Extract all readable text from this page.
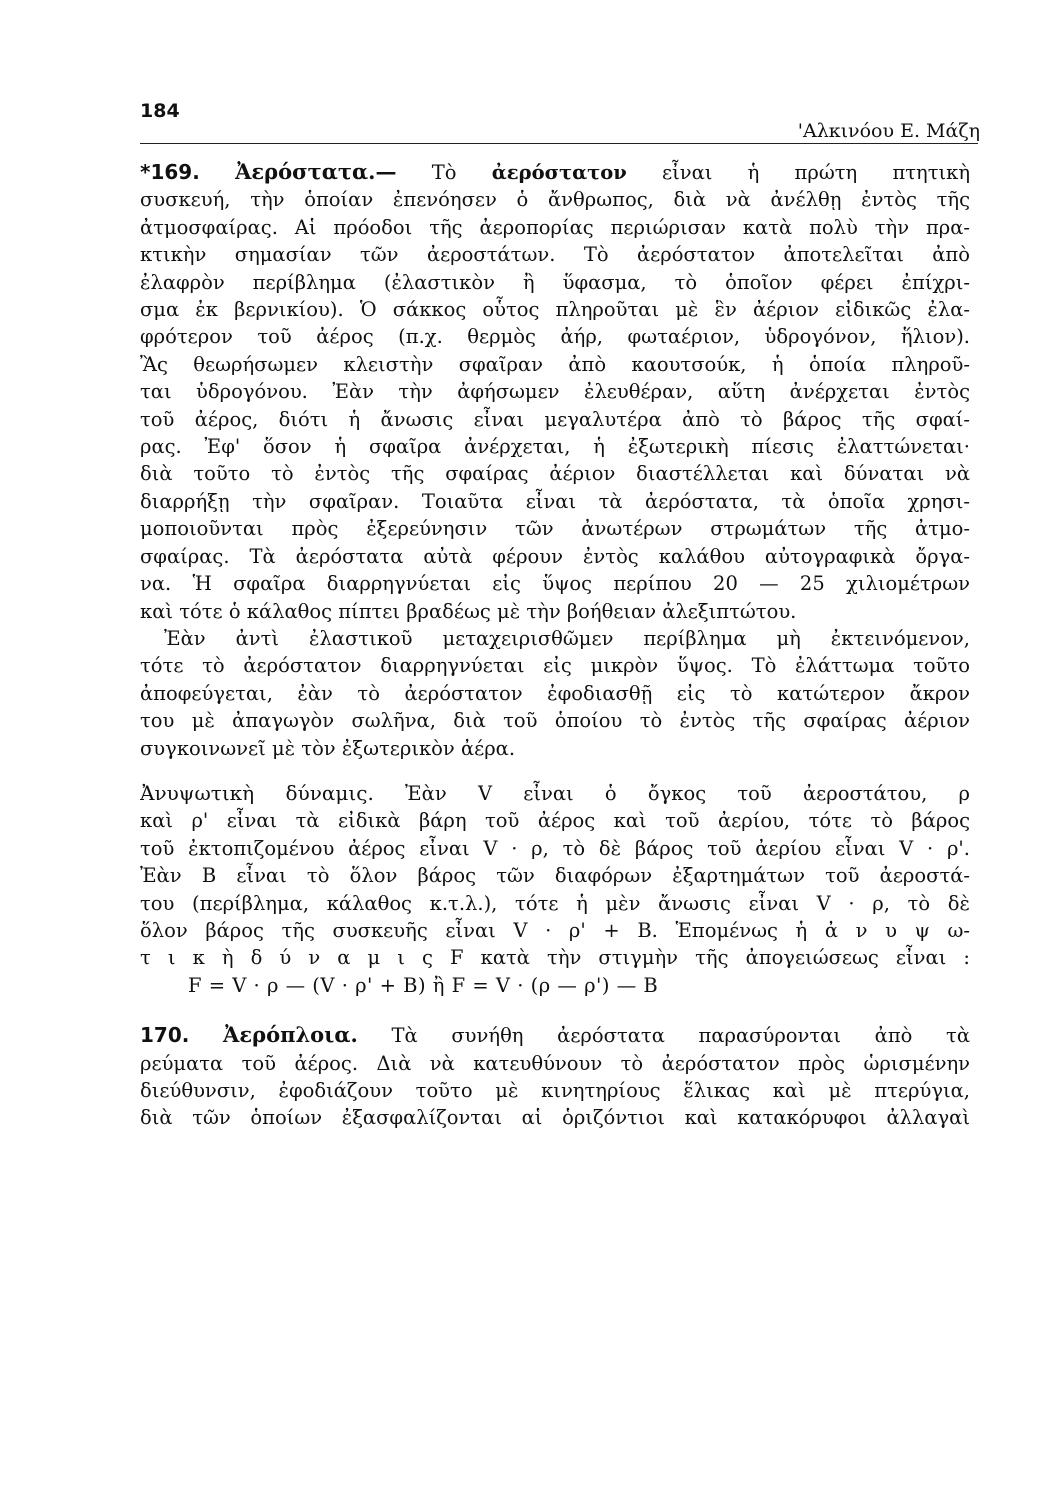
184
'Αλκινόου Ε. Μάζη
*169. Ἀερόστατα.— Τὸ ἀερόστατον εἶναι ἡ πρώτη πτητικὴ
συσκευή, τὴν ὁποίαν ἐπενόησεν ὁ ἄνθρωπος, διὰ νὰ ἀνέλθῃ ἐντὸς τῆς
ἀτμοσφαίρας. Αἱ πρόοδοι τῆς ἀεροπορίας περιώρισαν κατὰ πολὺ τὴν πρα-
κτικὴν σημασίαν τῶν ἀεροστάτων. Τὸ ἀερόστατον ἀποτελεῖται ἀπὸ
ἐλαφρὸν περίβλημα (ἐλαστικὸν ἢ ὕφασμα, τὸ ὁποῖον φέρει ἐπίχρι-
σμα ἐκ βερνικίου). Ὁ σάκκος οὗτος πληροῦται μὲ ἓν ἀέριον εἰδικῶς ἐλα-
φρότερον τοῦ ἀέρος (π.χ. θερμὸς ἀήρ, φωταέριον, ὑδρογόνον, ἥλιον).
Ἂς θεωρήσωμεν κλειστὴν σφαῖραν ἀπὸ καουτσούκ, ἡ ὁποία πληροῦ-
ται ὑδρογόνου. Ἐὰν τὴν ἀφήσωμεν ἐλευθέραν, αὕτη ἀνέρχεται ἐντὸς
τοῦ ἀέρος, διότι ἡ ἄνωσις εἶναι μεγαλυτέρα ἀπὸ τὸ βάρος τῆς σφαί-
ρας. Ἐφ' ὅσον ἡ σφαῖρα ἀνέρχεται, ἡ ἐξωτερικὴ πίεσις ἐλαττώνεται·
διὰ τοῦτο τὸ ἐντὸς τῆς σφαίρας ἀέριον διαστέλλεται καὶ δύναται νὰ
διαρρήξῃ τὴν σφαῖραν. Τοιαῦτα εἶναι τὰ ἀερόστατα, τὰ ὁποῖα χρησι-
μοποιοῦνται πρὸς ἐξερεύνησιν τῶν ἀνωτέρων στρωμάτων τῆς ἀτμο-
σφαίρας. Τὰ ἀερόστατα αὐτὰ φέρουν ἐντὸς καλάθου αὐτογραφικὰ ὄργα-
να. Ἡ σφαῖρα διαρρηγνύεται εἰς ὕψος περίπου 20 — 25 χιλιομέτρων
καὶ τότε ὁ κάλαθος πίπτει βραδέως μὲ τὴν βοήθειαν ἀλεξιπτώτου.
Ἐὰν ἀντὶ ἐλαστικοῦ μεταχειρισθῶμεν περίβλημα μὴ ἐκτεινόμενον,
τότε τὸ ἀερόστατον διαρρηγνύεται εἰς μικρὸν ὕψος. Τὸ ἐλάττωμα τοῦτο
ἀποφεύγεται, ἐὰν τὸ ἀερόστατον ἐφοδιασθῇ εἰς τὸ κατώτερον ἄκρον
του μὲ ἀπαγωγὸν σωλῆνα, διὰ τοῦ ὁποίου τὸ ἐντὸς τῆς σφαίρας ἀέριον
συγκοινωνεῖ μὲ τὸν ἐξωτερικὸν ἀέρα.
Ἀνυψωτικὴ δύναμις. Ἐὰν V εἶναι ὁ ὄγκος τοῦ ἀεροστάτου, ρ
καὶ ρ' εἶναι τὰ εἰδικὰ βάρη τοῦ ἀέρος καὶ τοῦ ἀερίου, τότε τὸ βάρος
τοῦ ἐκτοπιζομένου ἀέρος εἶναι V · ρ, τὸ δὲ βάρος τοῦ ἀερίου εἶναι V · ρ'.
Ἐὰν B εἶναι τὸ ὅλον βάρος τῶν διαφόρων ἐξαρτημάτων τοῦ ἀεροστά-
του (περίβλημα, κάλαθος κ.τ.λ.), τότε ἡ μὲν ἄνωσις εἶναι V · ρ, τὸ δὲ
ὅλον βάρος τῆς συσκευῆς εἶναι V · ρ' + B. Ἑπομένως ἡ ἀ ν υ ψ ω-
τ ι κ ὴ δ ύ ν α μ ι ς F κατὰ τὴν στιγμὴν τῆς ἀπογειώσεως εἶναι :
F = V · ρ — (V · ρ' + B) ἢ F = V · (ρ — ρ') — B
170. Ἀερόπλοια. Τὰ συνήθη ἀερόστατα παρασύρονται ἀπὸ τὰ
ρεύματα τοῦ ἀέρος. Διὰ νὰ κατευθύνουν τὸ ἀερόστατον πρὸς ὡρισμένην
διεύθυνσιν, ἐφοδιάζουν τοῦτο μὲ κινητηρίους ἕλικας καὶ μὲ πτερύγια,
διὰ τῶν ὁποίων ἐξασφαλίζονται αἱ ὁριζόντιοι καὶ κατακόρυφοι ἀλλαγαὶ
